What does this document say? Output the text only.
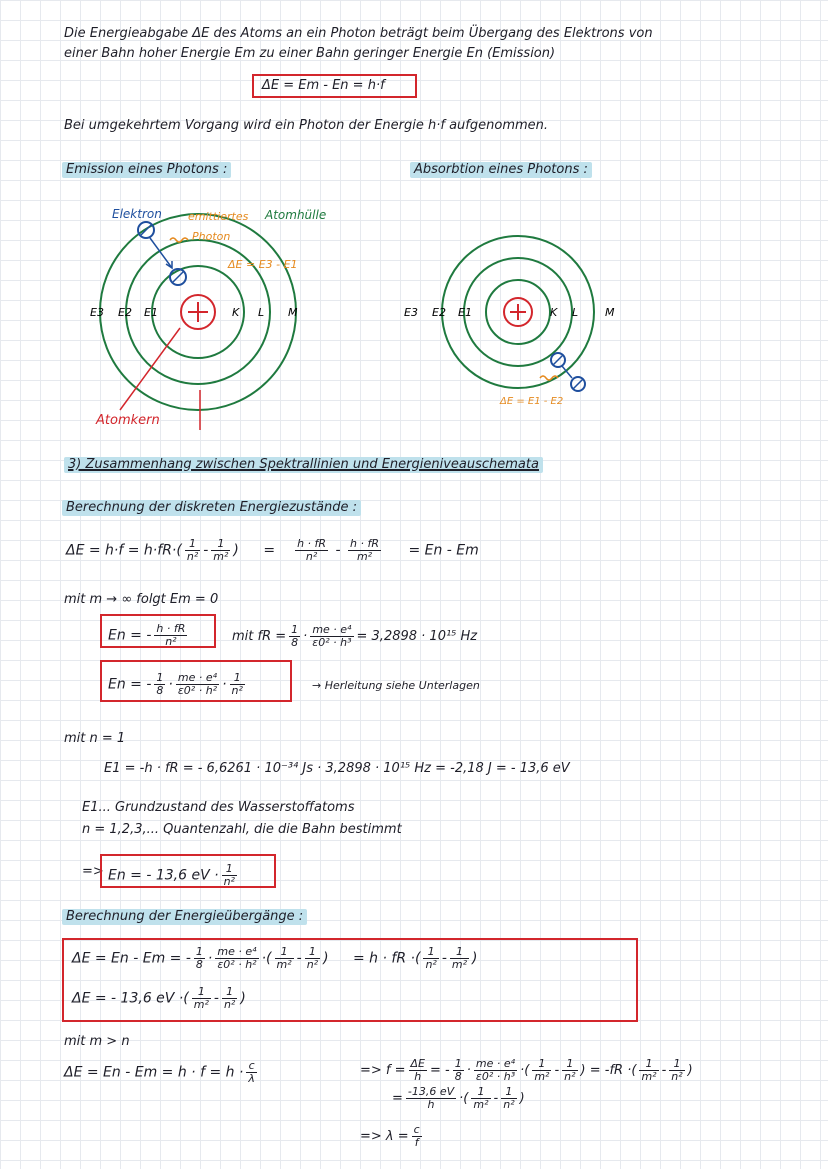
Die Energieabgabe ΔE des Atoms an ein Photon beträgt beim Übergang des Elektrons von
einer Bahn hoher Energie Em zu einer Bahn geringer Energie En (Emission)
ΔE = Em - En = h·f
Bei umgekehrtem Vorgang wird ein Photon der Energie h·f aufgenommen.
Emission eines Photons :	Absorbtion eines Photons :
Elektron emittiertes
Photon
Atomhülle
ΔE = E3 - E1
E3 E2 E1	K L M
Atomkern
ΔE = E1 - E2
E3 E2 E1	K L M
3) Zusammenhang zwischen Spektrallinien und Energieniveauschemata
Berechnung der diskreten Energiezustände :
$\Delta E = h\cdot f = h\cdot fR\cdot( \frac{1}{\text{n²}} - \frac{1}{\text{m²}}$ ) = $\frac{h \cdot fR}{\text{n²}} - \frac{h \cdot fR}{\text{m²}} = En - Em$
mit m → ∞ folgt Em = 0
En = - $\frac{h \cdot fR}{\text{n²}}$	mit fR = $\frac{1}{8} \cdot \frac{\text{me · e⁴}}{\text{ε0² · h³}} = 3,2898 \cdot 10^{15}$ Hz
En = - $\frac{1}{8} \cdot \frac{\text{me · e⁴}}{\text{ε0² · h²}} \cdot \frac{1}{\text{n²}}$	→ Herleitung siehe Unterlagen
mit n = 1
E1 = -h · fR = - 6,6261 · 10⁻³⁴ Js · 3,2898 · 10¹⁵ Hz = -2,18 J = - 13,6 eV
E1... Grundzustand des Wasserstoffatoms
n = 1,2,3,... Quantenzahl, die die Bahn bestimmt
=> En = - 13,6 eV · $\frac{1}{\text{n²}}$
Berechnung der Energieübergänge :
ΔE = En - Em = - $\frac{1}{8} \cdot \frac{\text{me · e⁴}}{\text{ε0² · h²}}$ ·( $\frac{1}{\text{m²}} - \frac{1}{\text{n²}}$ ) = h · fR ·( $\frac{1}{\text{n²}} - \frac{1}{\text{m²}}$ )
ΔE = - 13,6 eV ·( $\frac{1}{\text{m²}} - \frac{1}{\text{n²}}$ )
mit m > n
$\Delta E = En - Em = h \cdot f = h \cdot \frac{c}{\lambda}$	=> $f = \frac{\Delta E}{h}$ = - $\frac{1}{8} \cdot \frac{\text{me · e⁴}}{\text{ε0² · h³}}$ ·( $\frac{1}{\text{m²}} - \frac{1}{\text{n²}}$ ) = -fR ·( $\frac{1}{\text{m²}} - \frac{1}{\text{n²}}$ )
= $\frac{-13,6 eV}{h}$ ·( $\frac{1}{\text{m²}} - \frac{1}{\text{n²}}$ )
=> $\lambda = \frac{c}{f}$
